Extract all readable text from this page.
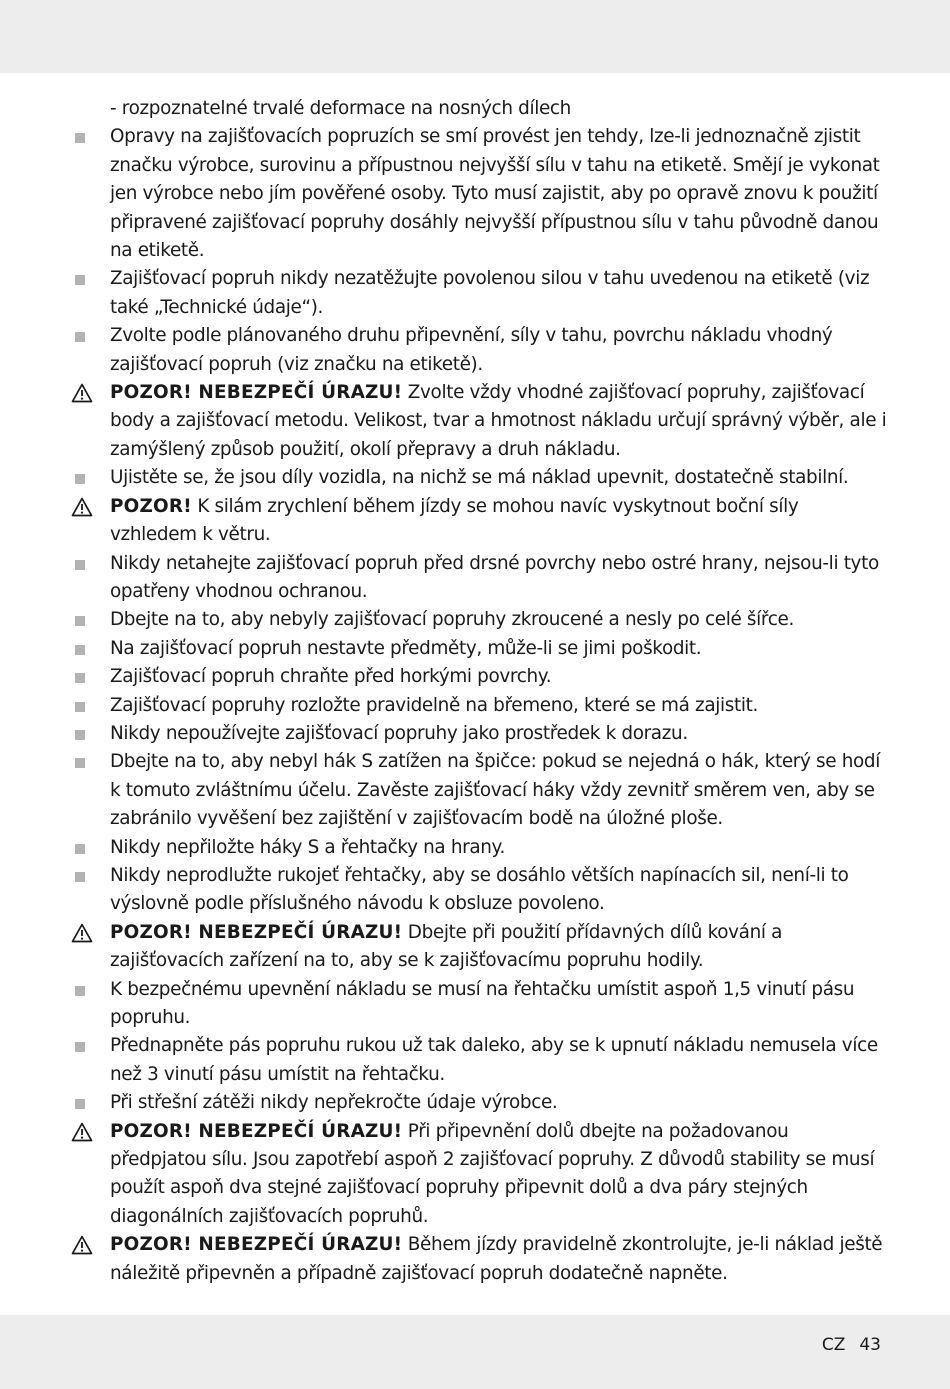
- rozpoznatelné trvalé deformace na nosných dílech
Opravy na zajišťovacích popruzích se smí provést jen tehdy, lze-li jednoznačně zjistit značku výrobce, surovinu a přípustnou nejvyšší sílu v tahu na etiketě. Smějí je vykonat jen výrobce nebo jím pověřené osoby. Tyto musí zajistit, aby po opravě znovu k použití připravené zajišťovací popruhy dosáhly nejvyšší přípustnou sílu v tahu původně danou na etiketě.
Zajišťovací popruh nikdy nezatěžujte povolenou silou v tahu uvedenou na etiketě (viz také „Technické údaje“).
Zvolte podle plánovaného druhu připevnění, síly v tahu, povrchu nákladu vhodný zajišťovací popruh (viz značku na etiketě).
POZOR! NEBEZPEČÍ ÚRAZU! Zvolte vždy vhodné zajišťovací popruhy, zajišťovací body a zajišťovací metodu. Velikost, tvar a hmotnost nákladu určují správný výběr, ale i zamýšlený způsob použití, okolí přepravy a druh nákladu.
Ujistěte se, že jsou díly vozidla, na nichž se má náklad upevnit, dostatečně stabilní.
POZOR! K silám zrychlení během jízdy se mohou navíc vyskytnout boční síly vzhledem k větru.
Nikdy netahejte zajišťovací popruh před drsné povrchy nebo ostré hrany, nejsou-li tyto opatřeny vhodnou ochranou.
Dbejte na to, aby nebyly zajišťovací popruhy zkroucené a nesly po celé šířce.
Na zajišťovací popruh nestavte předměty, může-li se jimi poškodit.
Zajišťovací popruh chraňte před horkými povrchy.
Zajišťovací popruhy rozložte pravidelně na břemeno, které se má zajistit.
Nikdy nepoužívejte zajišťovací popruhy jako prostředek k dorazu.
Dbejte na to, aby nebyl hák S zatížen na špičce: pokud se nejedná o hák, který se hodí k tomuto zvláštnímu účelu. Zavěste zajišťovací háky vždy zevnitř směrem ven, aby se zabránilo vyvěšení bez zajištění v zajišťovacím bodě na úložné ploše.
Nikdy nepřiložte háky S a řehtačky na hrany.
Nikdy neprodlužte rukojeť řehtačky, aby se dosáhlo větších napínacích sil, není-li to výslovně podle příslušného návodu k obsluze povoleno.
POZOR! NEBEZPEČÍ ÚRAZU! Dbejte při použití přídavných dílů kování a zajišťovacích zařízení na to, aby se k zajišťovacímu popruhu hodily.
K bezpečnému upevnění nákladu se musí na řehtačku umístit aspoň 1,5 vinutí pásu popruhu.
Přednapněte pás popruhu rukou už tak daleko, aby se k upnutí nákladu nemusela více než 3 vinutí pásu umístit na řehtačku.
Při střešní zátěži nikdy nepřekročte údaje výrobce.
POZOR! NEBEZPEČÍ ÚRAZU! Při připevnění dolů dbejte na požadovanou předpjatou sílu. Jsou zapotřebí aspoň 2 zajišťovací popruhy. Z důvodů stability se musí použít aspoň dva stejné zajišťovací popruhy připevnit dolů a dva páry stejných diagonálních zajišťovacích popruhů.
POZOR! NEBEZPEČÍ ÚRAZU! Během jízdy pravidelně zkontrolujte, je-li náklad ještě náležitě připevněn a případně zajišťovací popruh dodatečně napněte.
CZ 43
